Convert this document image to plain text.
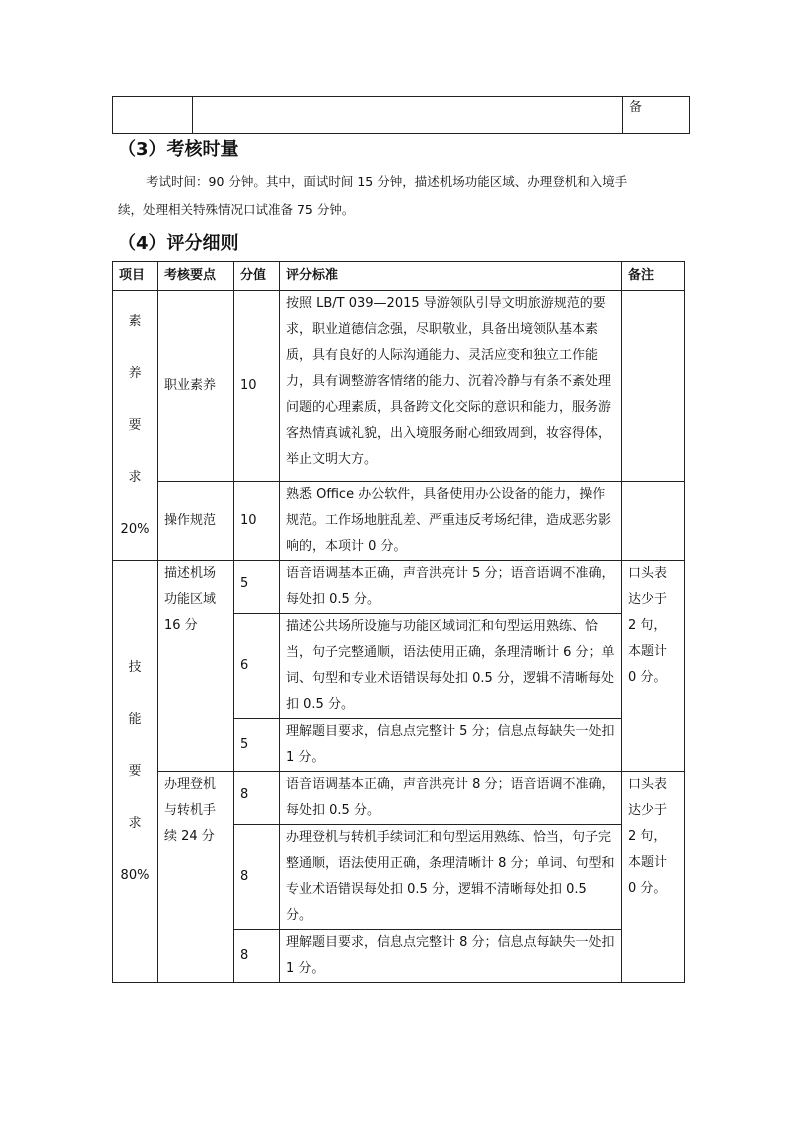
		备
（3）考核时量
考试时间：90 分钟。其中，面试时间 15 分钟，描述机场功能区域、办理登机和入境手
续，处理相关特殊情况口试准备 75 分钟。
（4）评分细则
项目	考核要点	分值	评分标准	备注

素
养
要
求
20%	职业素养	10	按照 LB/T 039—2015 导游领队引导文明旅游规范的要求，职业道德信念强，尽职敬业，具备出境领队基本素质，具有良好的人际沟通能力、灵活应变和独立工作能力，具有调整游客情绪的能力、沉着冷静与有条不紊处理问题的心理素质，具备跨文化交际的意识和能力，服务游客热情真诚礼貌，出入境服务耐心细致周到，妆容得体，举止文明大方。	
	操作规范	10	熟悉 Office 办公软件，具备使用办公设备的能力，操作规范。工作场地脏乱差、严重违反考场纪律，造成恶劣影响的，本项计 0 分。	

技
能
要
求
80%	描述机场功能区域 16 分	5	语音语调基本正确，声音洪亮计 5 分；语音语调不准确，每处扣 0.5 分。	口头表达少于 2 句，本题计 0 分。
		6	描述公共场所设施与功能区域词汇和句型运用熟练、恰当，句子完整通顺，语法使用正确，条理清晰计 6 分；单词、句型和专业术语错误每处扣 0.5 分，逻辑不清晰每处扣 0.5 分。	
		5	理解题目要求，信息点完整计 5 分；信息点每缺失一处扣 1 分。	
	办理登机与转机手续 24 分	8	语音语调基本正确，声音洪亮计 8 分；语音语调不准确，每处扣 0.5 分。	口头表达少于 2 句，本题计 0 分。
		8	办理登机与转机手续词汇和句型运用熟练、恰当，句子完整通顺，语法使用正确，条理清晰计 8 分；单词、句型和专业术语错误每处扣 0.5 分，逻辑不清晰每处扣 0.5 分。	
		8	理解题目要求，信息点完整计 8 分；信息点每缺失一处扣 1 分。	
